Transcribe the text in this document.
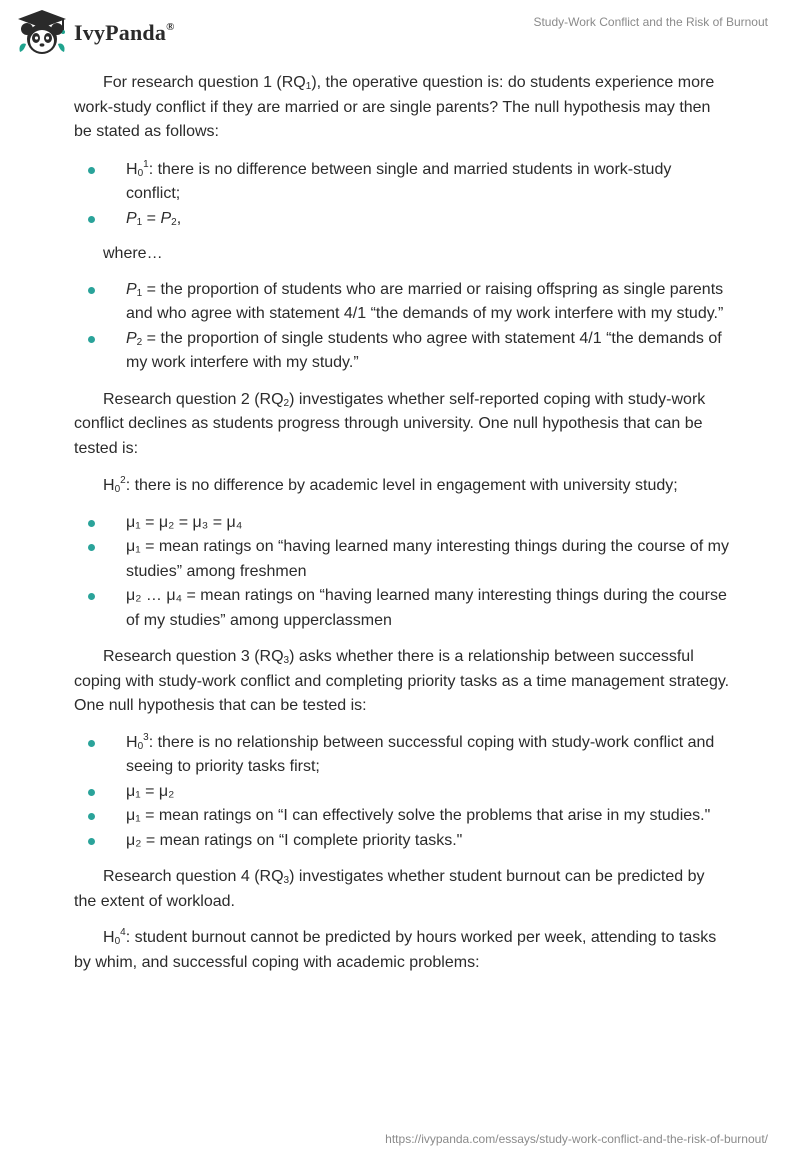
IvyPanda®	Study-Work Conflict and the Risk of Burnout

For research question 1 $(RQ_1)$, the operative question is: do students experience more work-study conflict if they are married or are single parents? The null hypothesis may then be stated as follows:

$H_0^1$: there is no difference between single and married students in work-study conflict;
$P_1 = P_2$,

where…

$P_1$ = the proportion of students who are married or raising offspring as single parents and who agree with statement 4/1 “the demands of my work interfere with my study.”
$P_2$ = the proportion of single students who agree with statement 4/1 “the demands of my work interfere with my study.”

Research question 2 $(RQ_2)$ investigates whether self-reported coping with study-work conflict declines as students progress through university. One null hypothesis that can be tested is:

$H_0^2$: there is no difference by academic level in engagement with university study;

μ₁ = μ₂ = μ₃ = μ₄
μ₁ = mean ratings on “having learned many interesting things during the course of my studies” among freshmen
μ₂ … μ₄ = mean ratings on “having learned many interesting things during the course of my studies” among upperclassmen

Research question 3 $(RQ_3)$ asks whether there is a relationship between successful coping with study-work conflict and completing priority tasks as a time management strategy. One null hypothesis that can be tested is:

$H_0^3$: there is no relationship between successful coping with study-work conflict and seeing to priority tasks first;
μ₁ = μ₂
μ₁ = mean ratings on “I can effectively solve the problems that arise in my studies."
μ₂ = mean ratings on “I complete priority tasks."

Research question 4 $(RQ_3)$ investigates whether student burnout can be predicted by the extent of workload.

$H_0^4$: student burnout cannot be predicted by hours worked per week, attending to tasks by whim, and successful coping with academic problems:

https://ivypanda.com/essays/study-work-conflict-and-the-risk-of-burnout/
